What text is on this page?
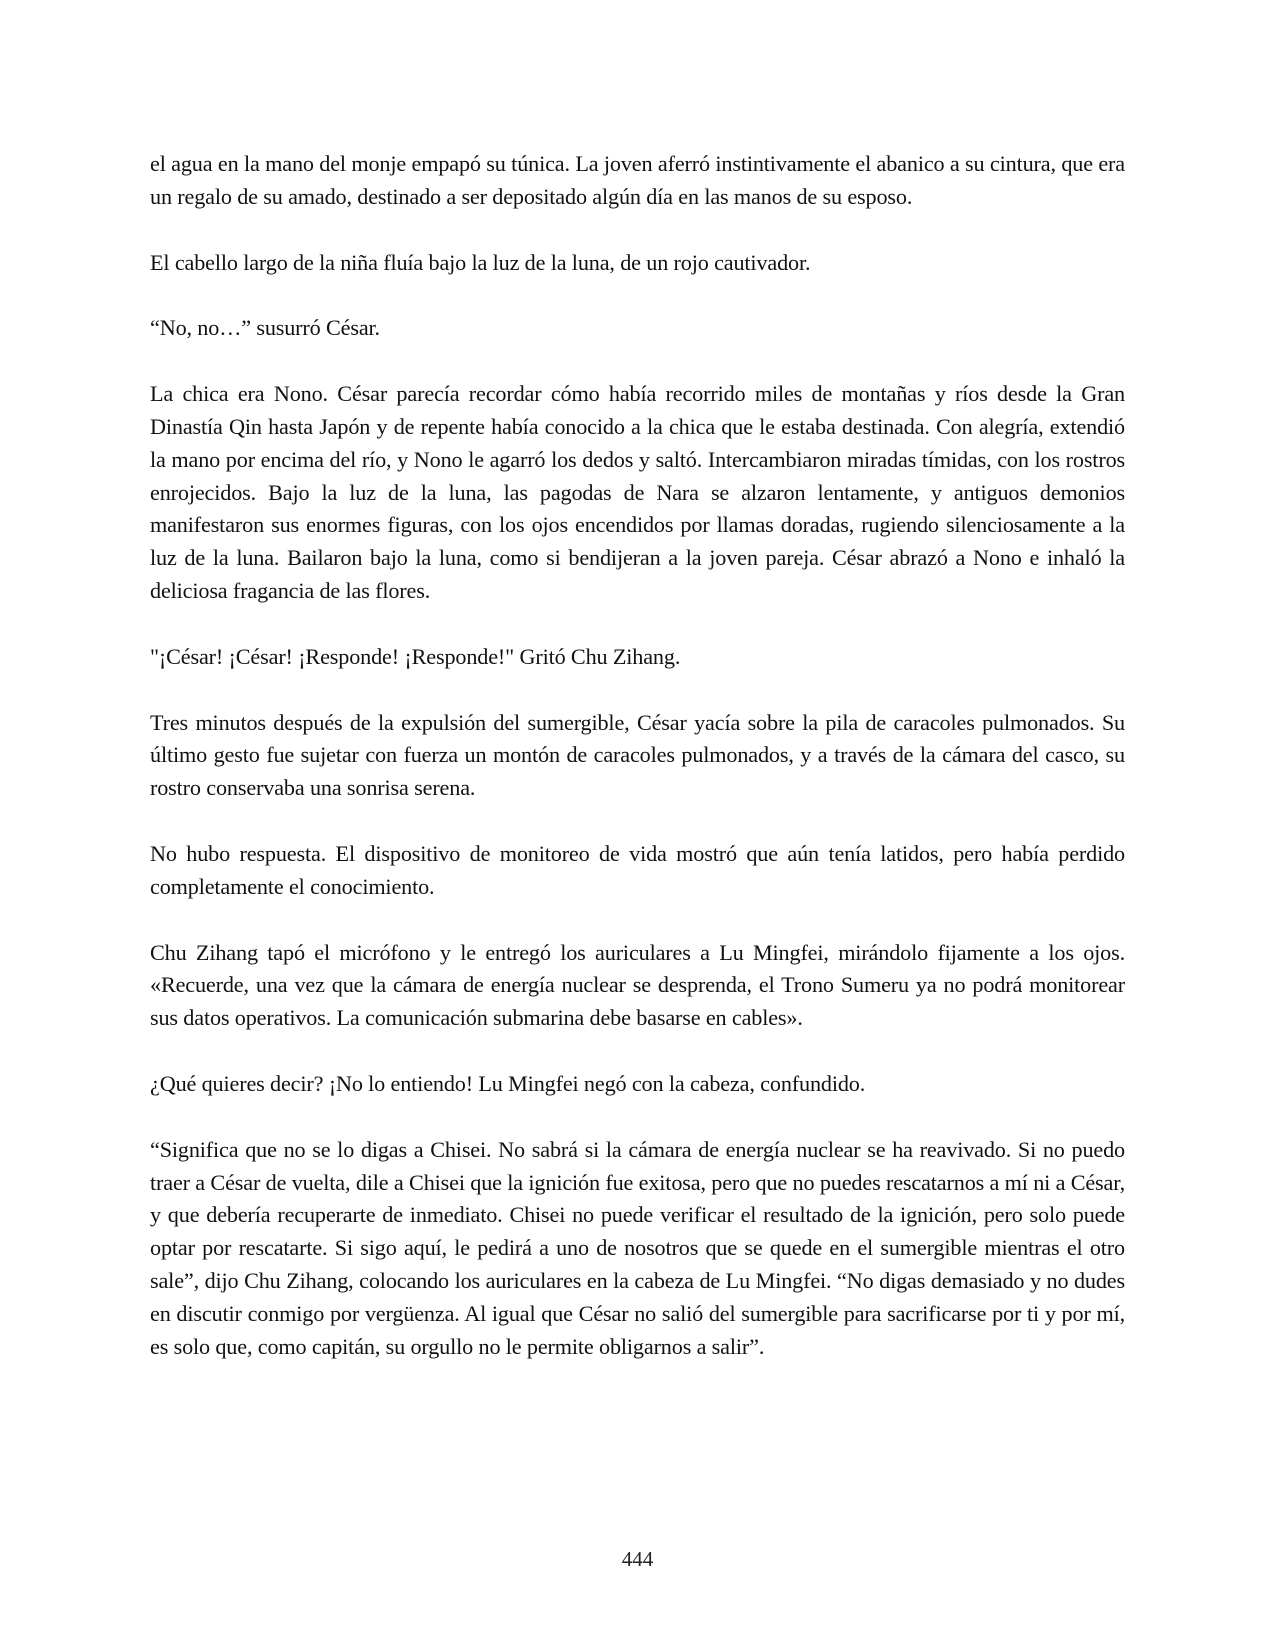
el agua en la mano del monje empapó su túnica. La joven aferró instintivamente el abanico a su cintura, que era un regalo de su amado, destinado a ser depositado algún día en las manos de su esposo.

El cabello largo de la niña fluía bajo la luz de la luna, de un rojo cautivador.

“No, no…” susurró César.

La chica era Nono. César parecía recordar cómo había recorrido miles de montañas y ríos desde la Gran Dinastía Qin hasta Japón y de repente había conocido a la chica que le estaba destinada. Con alegría, extendió la mano por encima del río, y Nono le agarró los dedos y saltó. Intercambiaron miradas tímidas, con los rostros enrojecidos. Bajo la luz de la luna, las pagodas de Nara se alzaron lentamente, y antiguos demonios manifestaron sus enormes figuras, con los ojos encendidos por llamas doradas, rugiendo silenciosamente a la luz de la luna. Bailaron bajo la luna, como si bendijeran a la joven pareja. César abrazó a Nono e inhaló la deliciosa fragancia de las flores.

"¡César! ¡César! ¡Responde! ¡Responde!" Gritó Chu Zihang.

Tres minutos después de la expulsión del sumergible, César yacía sobre la pila de caracoles pulmonados. Su último gesto fue sujetar con fuerza un montón de caracoles pulmonados, y a través de la cámara del casco, su rostro conservaba una sonrisa serena.

No hubo respuesta. El dispositivo de monitoreo de vida mostró que aún tenía latidos, pero había perdido completamente el conocimiento.

Chu Zihang tapó el micrófono y le entregó los auriculares a Lu Mingfei, mirándolo fijamente a los ojos. «Recuerde, una vez que la cámara de energía nuclear se desprenda, el Trono Sumeru ya no podrá monitorear sus datos operativos. La comunicación submarina debe basarse en cables».

¿Qué quieres decir? ¡No lo entiendo! Lu Mingfei negó con la cabeza, confundido.

“Significa que no se lo digas a Chisei. No sabrá si la cámara de energía nuclear se ha reavivado. Si no puedo traer a César de vuelta, dile a Chisei que la ignición fue exitosa, pero que no puedes rescatarnos a mí ni a César, y que debería recuperarte de inmediato. Chisei no puede verificar el resultado de la ignición, pero solo puede optar por rescatarte. Si sigo aquí, le pedirá a uno de nosotros que se quede en el sumergible mientras el otro sale”, dijo Chu Zihang, colocando los auriculares en la cabeza de Lu Mingfei. “No digas demasiado y no dudes en discutir conmigo por vergüenza. Al igual que César no salió del sumergible para sacrificarse por ti y por mí, es solo que, como capitán, su orgullo no le permite obligarnos a salir”.

444
